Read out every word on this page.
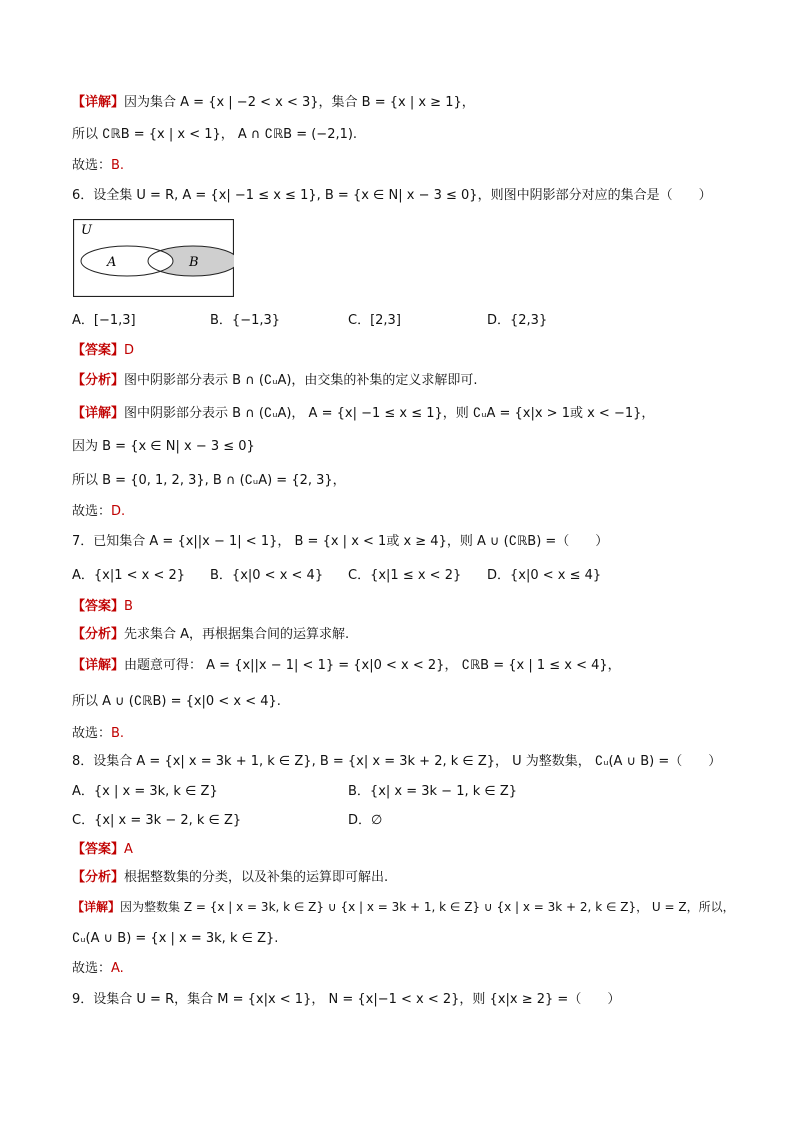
【详解】因为集合 A = {x | −2 < x < 3}，集合 B = {x | x ≥ 1}，
所以 ∁ℝB = {x | x < 1}， A ∩ ∁ℝB = (−2,1).
故选：B.
6．设全集 U = R, A = {x| −1 ≤ x ≤ 1}, B = {x ∈ N| x − 3 ≤ 0}，则图中阴影部分对应的集合是（　　）
U
A	B
A．[−1,3]	B．{−1,3}	C．[2,3]	D．{2,3}
【答案】D
【分析】图中阴影部分表示 B ∩ (∁ᵤA)，由交集的补集的定义求解即可.
【详解】图中阴影部分表示 B ∩ (∁ᵤA)， A = {x| −1 ≤ x ≤ 1}，则 ∁ᵤA = {x|x > 1或 x < −1}，
因为 B = {x ∈ N| x − 3 ≤ 0}
所以 B = {0, 1, 2, 3}, B ∩ (∁ᵤA) = {2, 3}，
故选：D.
7．已知集合 A = {x||x − 1| < 1}， B = {x | x < 1或 x ≥ 4}，则 A ∪ (∁ℝB) =（　　）
A．{x|1 < x < 2} B．{x|0 < x < 4} C．{x|1 ≤ x < 2} D．{x|0 < x ≤ 4}
【答案】B
【分析】先求集合 A，再根据集合间的运算求解.
【详解】由题意可得： A = {x||x − 1| < 1} = {x|0 < x < 2}， ∁ℝB = {x | 1 ≤ x < 4}，
所以 A ∪ (∁ℝB) = {x|0 < x < 4}.
故选：B.
8．设集合 A = {x| x = 3k + 1, k ∈ Z}, B = {x| x = 3k + 2, k ∈ Z}， U 为整数集， ∁ᵤ(A ∪ B) =（　　）
A．{x | x = 3k, k ∈ Z}	B．{x| x = 3k − 1, k ∈ Z}
C．{x| x = 3k − 2, k ∈ Z}	D．∅
【答案】A
【分析】根据整数集的分类，以及补集的运算即可解出.
【详解】因为整数集 Z = {x | x = 3k, k ∈ Z} ∪ {x | x = 3k + 1, k ∈ Z} ∪ {x | x = 3k + 2, k ∈ Z}， U = Z，所以，
∁ᵤ(A ∪ B) = {x | x = 3k, k ∈ Z}.
故选：A.
9．设集合 U = R，集合 M = {x|x < 1}， N = {x|−1 < x < 2}，则 {x|x ≥ 2} =（　　）
